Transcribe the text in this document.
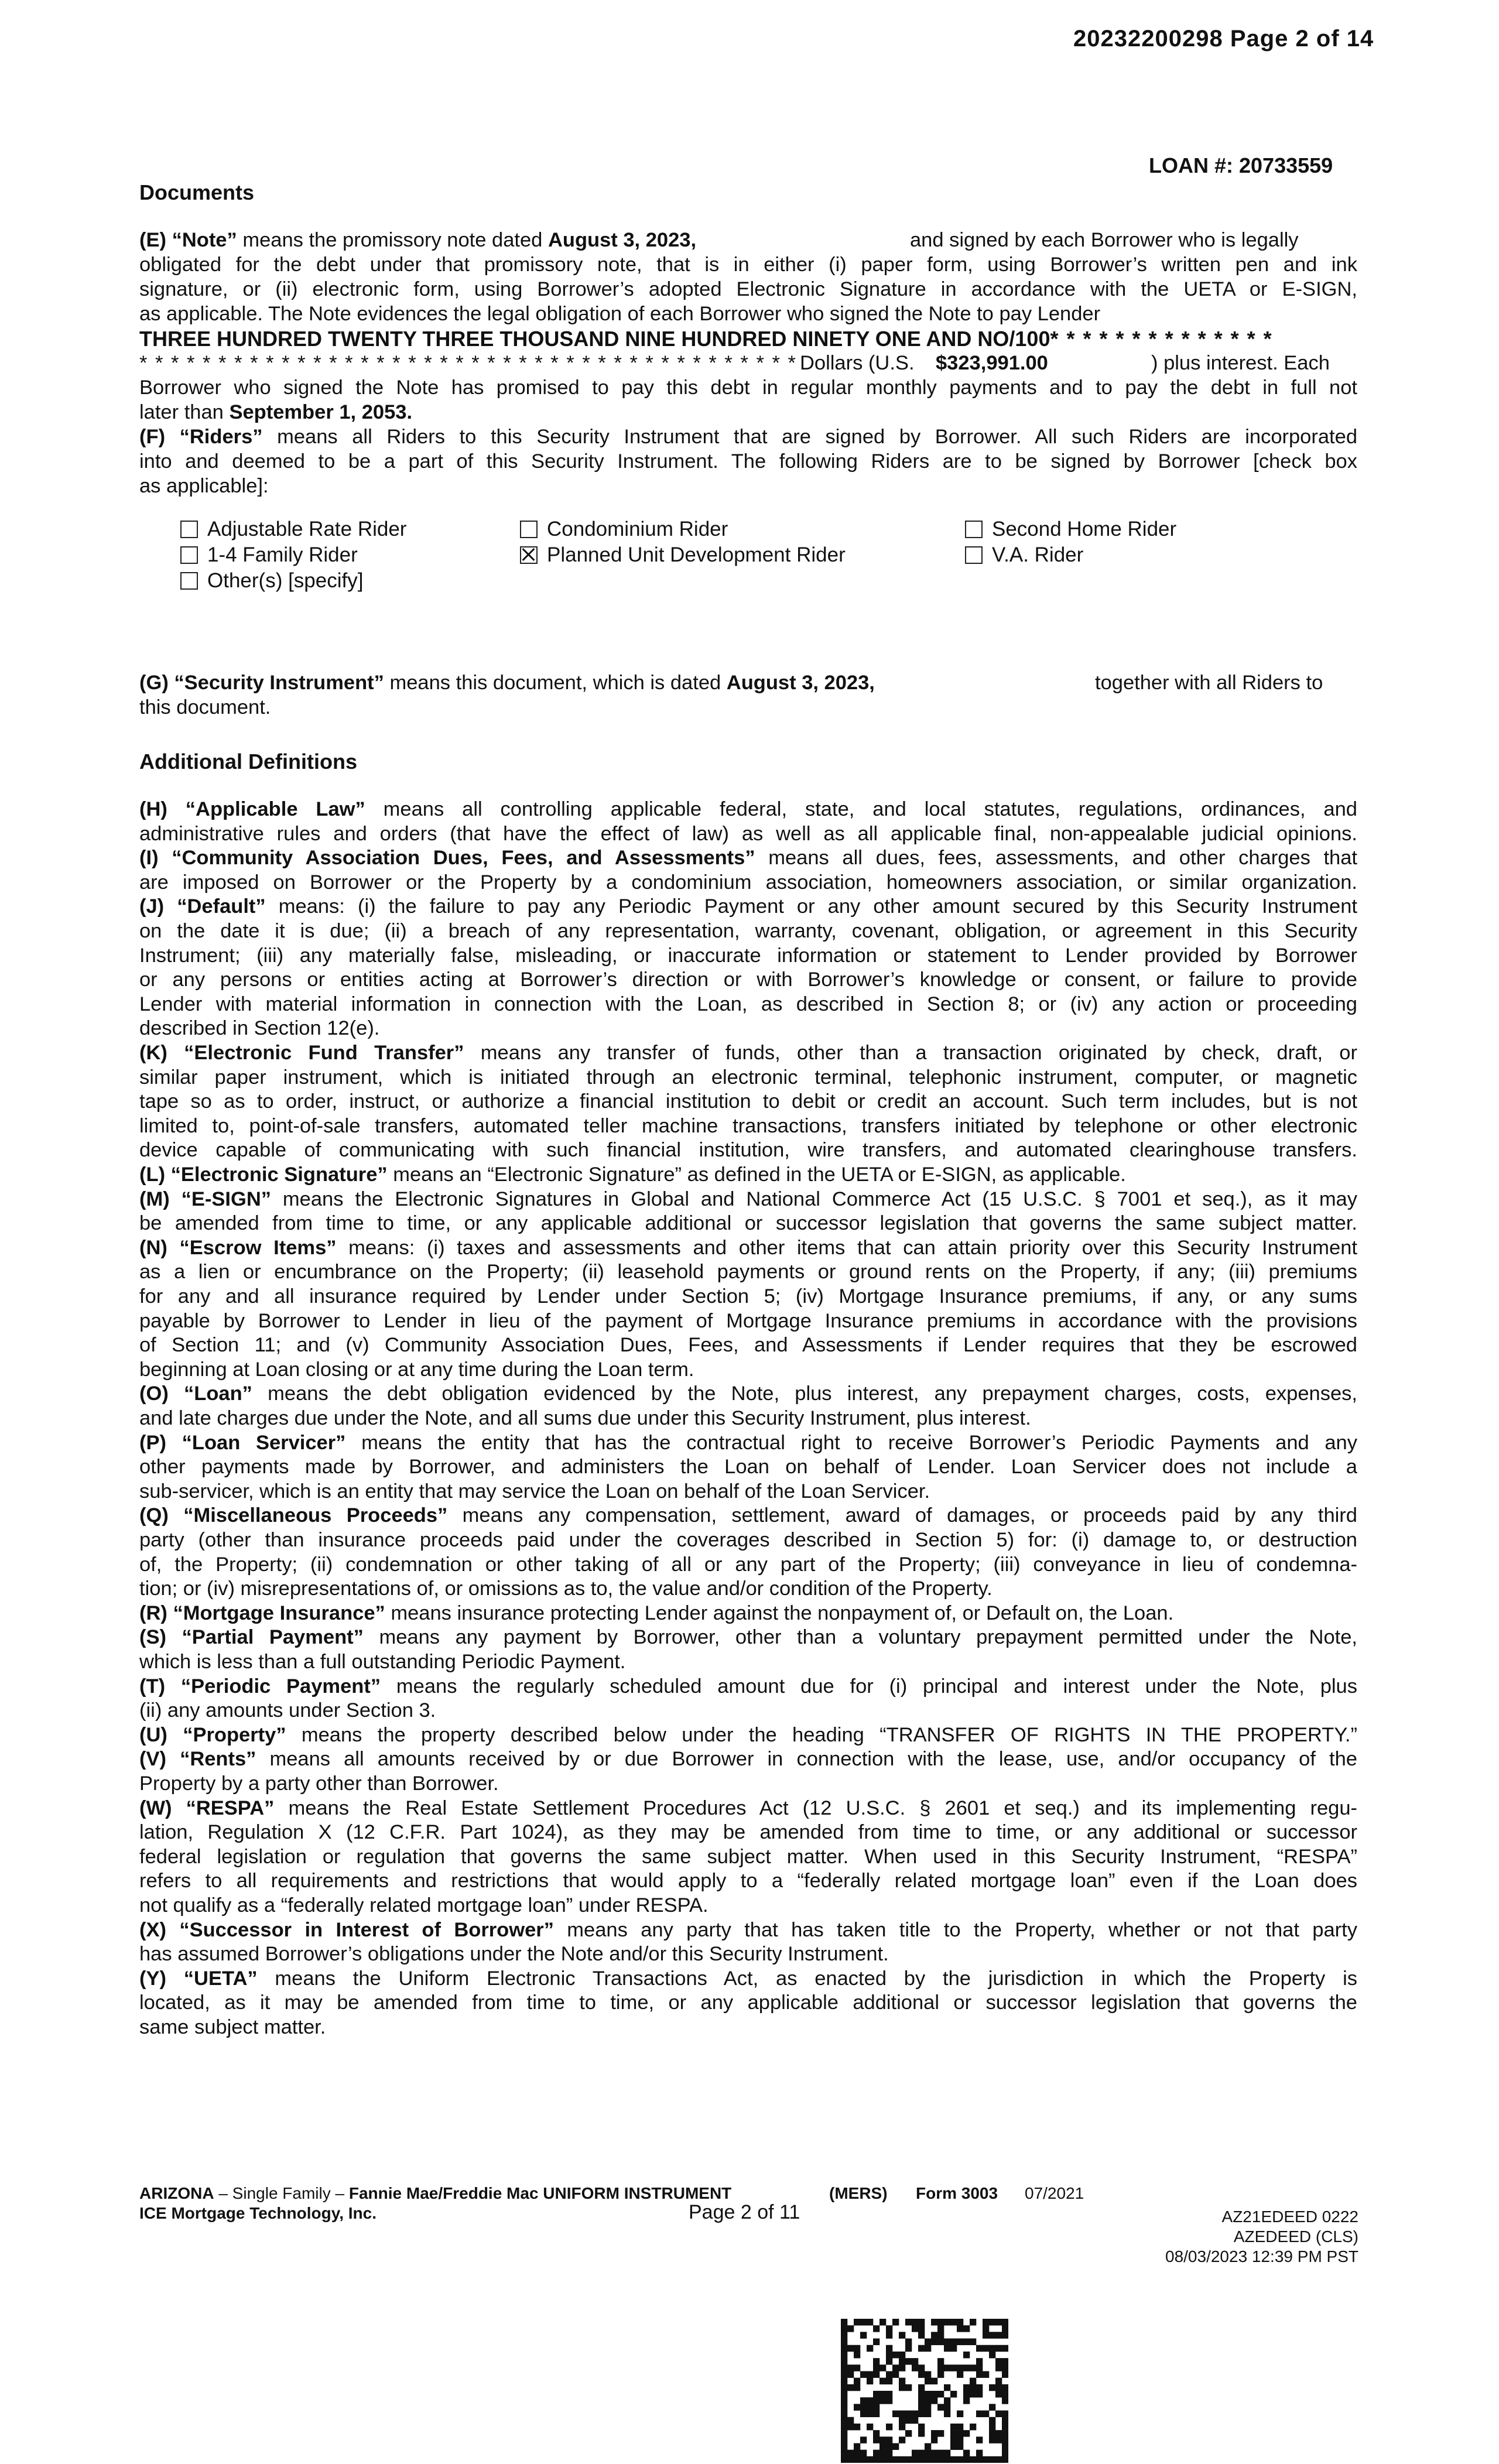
20232200298 Page 2 of 14
LOAN #: 20733559
Documents
(E) “Note” means the promissory note dated August 3, 2023,	and signed by each Borrower who is legally
obligated for the debt under that promissory note, that is in either (i) paper form, using Borrower’s written pen and ink
signature, or (ii) electronic form, using Borrower’s adopted Electronic Signature in accordance with the UETA or E-SIGN,
as applicable. The Note evidences the legal obligation of each Borrower who signed the Note to pay Lender
THREE HUNDRED TWENTY THREE THOUSAND NINE HUNDRED NINETY ONE AND NO/100* * * * * * * * * * * * * *
* * * * * * * * * * * * * * * * * * * * * * * * * * * * * * * * * * * * * * * * * * Dollars (U.S. $323,991.00	) plus interest. Each
Borrower who signed the Note has promised to pay this debt in regular monthly payments and to pay the debt in full not
later than September 1, 2053.
(F) “Riders” means all Riders to this Security Instrument that are signed by Borrower. All such Riders are incorporated
into and deemed to be a part of this Security Instrument. The following Riders are to be signed by Borrower [check box
as applicable]:
Adjustable Rate Rider
1-4 Family Rider
Other(s) [specify]
Condominium Rider
Planned Unit Development Rider
Second Home Rider
V.A. Rider
(G) “Security Instrument” means this document, which is dated August 3, 2023,	together with all Riders to
this document.
Additional Definitions
(H) “Applicable Law” means all controlling applicable federal, state, and local statutes, regulations, ordinances, and
administrative rules and orders (that have the effect of law) as well as all applicable final, non-appealable judicial opinions.
(I) “Community Association Dues, Fees, and Assessments” means all dues, fees, assessments, and other charges that
are imposed on Borrower or the Property by a condominium association, homeowners association, or similar organization.
(J) “Default” means: (i) the failure to pay any Periodic Payment or any other amount secured by this Security Instrument
on the date it is due; (ii) a breach of any representation, warranty, covenant, obligation, or agreement in this Security
Instrument; (iii) any materially false, misleading, or inaccurate information or statement to Lender provided by Borrower
or any persons or entities acting at Borrower’s direction or with Borrower’s knowledge or consent, or failure to provide
Lender with material information in connection with the Loan, as described in Section 8; or (iv) any action or proceeding
described in Section 12(e).
(K) “Electronic Fund Transfer” means any transfer of funds, other than a transaction originated by check, draft, or
similar paper instrument, which is initiated through an electronic terminal, telephonic instrument, computer, or magnetic
tape so as to order, instruct, or authorize a financial institution to debit or credit an account. Such term includes, but is not
limited to, point-of-sale transfers, automated teller machine transactions, transfers initiated by telephone or other electronic
device capable of communicating with such financial institution, wire transfers, and automated clearinghouse transfers.
(L) “Electronic Signature” means an “Electronic Signature” as defined in the UETA or E-SIGN, as applicable.
(M) “E-SIGN” means the Electronic Signatures in Global and National Commerce Act (15 U.S.C. § 7001 et seq.), as it may
be amended from time to time, or any applicable additional or successor legislation that governs the same subject matter.
(N) “Escrow Items” means: (i) taxes and assessments and other items that can attain priority over this Security Instrument
as a lien or encumbrance on the Property; (ii) leasehold payments or ground rents on the Property, if any; (iii) premiums
for any and all insurance required by Lender under Section 5; (iv) Mortgage Insurance premiums, if any, or any sums
payable by Borrower to Lender in lieu of the payment of Mortgage Insurance premiums in accordance with the provisions
of Section 11; and (v) Community Association Dues, Fees, and Assessments if Lender requires that they be escrowed
beginning at Loan closing or at any time during the Loan term.
(O) “Loan” means the debt obligation evidenced by the Note, plus interest, any prepayment charges, costs, expenses,
and late charges due under the Note, and all sums due under this Security Instrument, plus interest.
(P) “Loan Servicer” means the entity that has the contractual right to receive Borrower’s Periodic Payments and any
other payments made by Borrower, and administers the Loan on behalf of Lender. Loan Servicer does not include a
sub-servicer, which is an entity that may service the Loan on behalf of the Loan Servicer.
(Q) “Miscellaneous Proceeds” means any compensation, settlement, award of damages, or proceeds paid by any third
party (other than insurance proceeds paid under the coverages described in Section 5) for: (i) damage to, or destruction
of, the Property; (ii) condemnation or other taking of all or any part of the Property; (iii) conveyance in lieu of condemna-
tion; or (iv) misrepresentations of, or omissions as to, the value and/or condition of the Property.
(R) “Mortgage Insurance” means insurance protecting Lender against the nonpayment of, or Default on, the Loan.
(S) “Partial Payment” means any payment by Borrower, other than a voluntary prepayment permitted under the Note,
which is less than a full outstanding Periodic Payment.
(T) “Periodic Payment” means the regularly scheduled amount due for (i) principal and interest under the Note, plus
(ii) any amounts under Section 3.
(U) “Property” means the property described below under the heading “TRANSFER OF RIGHTS IN THE PROPERTY.”
(V) “Rents” means all amounts received by or due Borrower in connection with the lease, use, and/or occupancy of the
Property by a party other than Borrower.
(W) “RESPA” means the Real Estate Settlement Procedures Act (12 U.S.C. § 2601 et seq.) and its implementing regu-
lation, Regulation X (12 C.F.R. Part 1024), as they may be amended from time to time, or any additional or successor
federal legislation or regulation that governs the same subject matter. When used in this Security Instrument, “RESPA”
refers to all requirements and restrictions that would apply to a “federally related mortgage loan” even if the Loan does
not qualify as a “federally related mortgage loan” under RESPA.
(X) “Successor in Interest of Borrower” means any party that has taken title to the Property, whether or not that party
has assumed Borrower’s obligations under the Note and/or this Security Instrument.
(Y) “UETA” means the Uniform Electronic Transactions Act, as enacted by the jurisdiction in which the Property is
located, as it may be amended from time to time, or any applicable additional or successor legislation that governs the
same subject matter.
ARIZONA – Single Family – Fannie Mae/Freddie Mac UNIFORM INSTRUMENT	(MERS) Form 3003 07/2021
ICE Mortgage Technology, Inc.	Page 2 of 11	AZ21EDEED 0222
AZEDEED (CLS)
08/03/2023 12:39 PM PST
